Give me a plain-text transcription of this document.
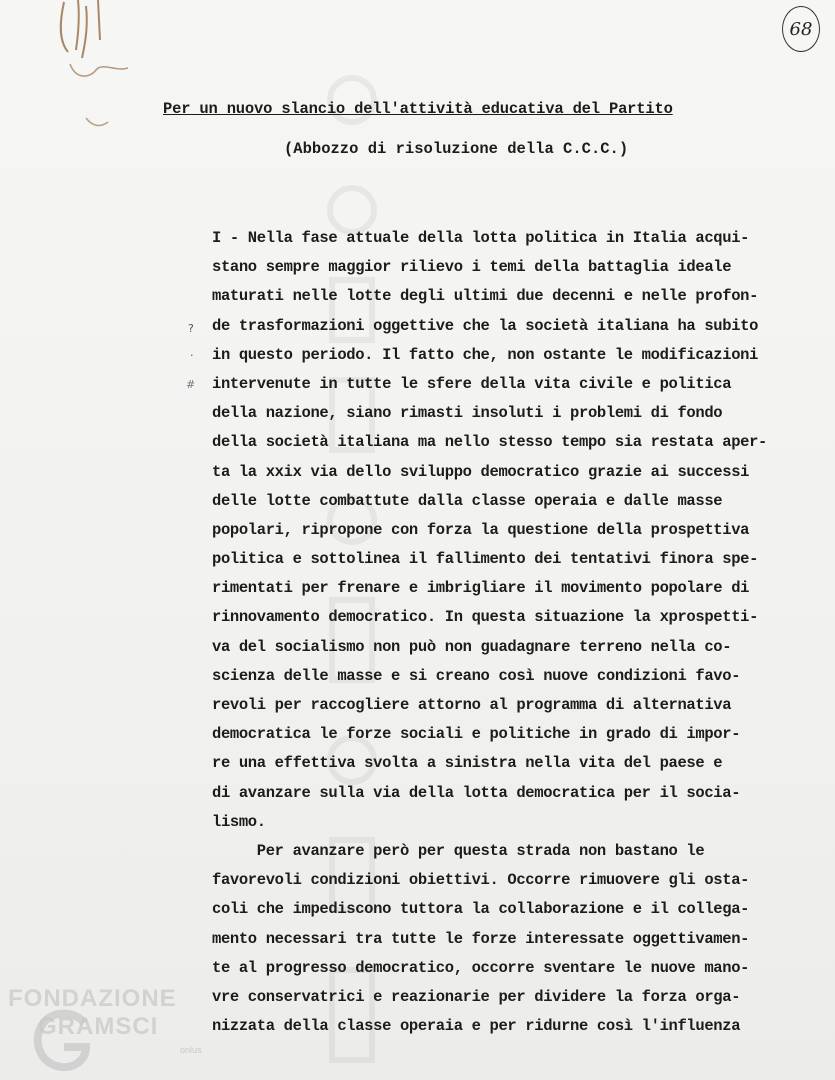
68
Per un nuovo slancio dell'attività educativa del Partito
(Abbozzo di risoluzione della C.C.C.)
?
.
#
I - Nella fase attuale della lotta politica in Italia acqui-
stano sempre maggior rilievo i temi della battaglia ideale
maturati nelle lotte degli ultimi due decenni e nelle profon-
de trasformazioni oggettive che la società italiana ha subito
in questo periodo. Il fatto che, non ostante le modificazioni
intervenute in tutte le sfere della vita civile e politica
della nazione, siano rimasti insoluti i problemi di fondo
della società italiana ma nello stesso tempo sia restata aper-
ta la xxix via dello sviluppo democratico grazie ai successi
delle lotte combattute dalla classe operaia e dalle masse
popolari, ripropone con forza la questione della prospettiva
politica e sottolinea il fallimento dei tentativi finora spe-
rimentati per frenare e imbrigliare il movimento popolare di
rinnovamento democratico. In questa situazione la xprospetti-
va del socialismo non può non guadagnare terreno nella co-
scienza delle masse e si creano così nuove condizioni favo-
revoli per raccogliere attorno al programma di alternativa
democratica le forze sociali e politiche in grado di impor-
re una effettiva svolta a sinistra nella vita del paese e
di avanzare sulla via della lotta democratica per il socia-
lismo.
Per avanzare però per questa strada non bastano le
favorevoli condizioni obiettivi. Occorre rimuovere gli osta-
coli che impediscono tuttora la collaborazione e il collega-
mento necessari tra tutte le forze interessate oggettivamen-
te al progresso democratico, occorre sventare le nuove mano-
vre conservatrici e reazionarie per dividere la forza orga-
nizzata della classe operaia e per ridurne così l'influenza
FONDAZIONE
GRAMSCI
onlus
